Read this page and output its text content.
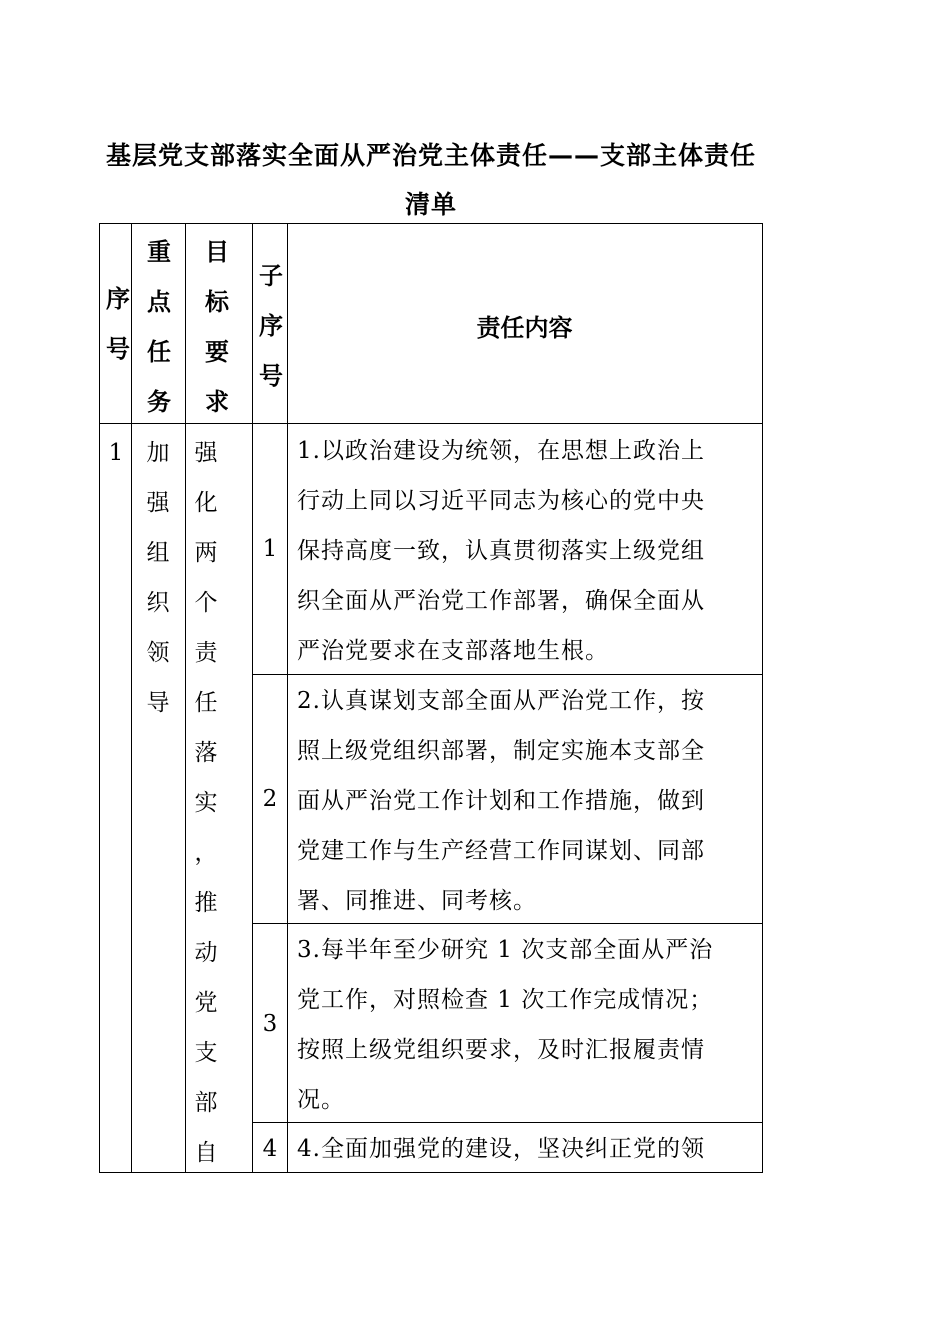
基层党支部落实全面从严治党主体责任——支部主体责任
清单
序
号
重
点
任
务
目
标
要
求
子
序
号
责任内容
1	加
强
组
织
领
导
强
化
两
个
责
任
落
实
，
推
动
党
支
部
自
1
2
3
4
1.以政治建设为统领，在思想上政治上
行动上同以习近平同志为核心的党中央
保持高度一致，认真贯彻落实上级党组
织全面从严治党工作部署，确保全面从
严治党要求在支部落地生根。
2.认真谋划支部全面从严治党工作，按
照上级党组织部署，制定实施本支部全
面从严治党工作计划和工作措施，做到
党建工作与生产经营工作同谋划、同部
署、同推进、同考核。
3.每半年至少研究 1 次支部全面从严治
党工作，对照检查 1 次工作完成情况；
按照上级党组织要求，及时汇报履责情
况。
4.全面加强党的建设，坚决纠正党的领
